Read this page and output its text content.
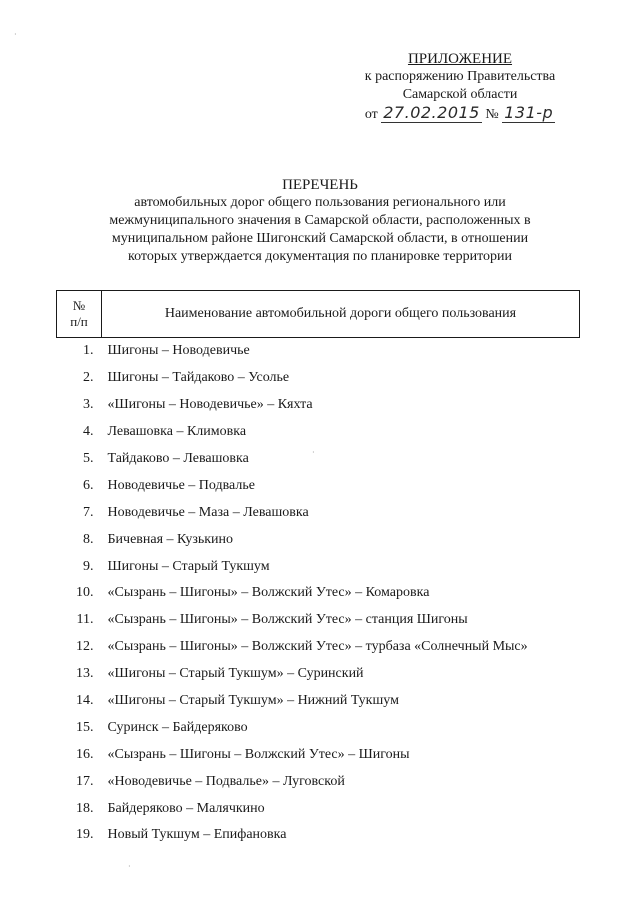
·
·
·
ПРИЛОЖЕНИЕ
к распоряжению Правительства
Самарской области
от 27.02.2015 № 131-р
ПЕРЕЧЕНЬ
автомобильных дорог общего пользования регионального или
межмуниципального значения в Самарской области, расположенных в
муниципальном районе Шигонский Самарской области, в отношении
которых утверждается документация по планировке территории
№
п/п	Наименование автомобильной дороги общего пользования
1.	Шигоны – Новодевичье
2.	Шигоны – Тайдаково – Усолье
3.	«Шигоны – Новодевичье» – Кяхта
4.	Левашовка – Климовка
5.	Тайдаково – Левашовка
6.	Новодевичье – Подвалье
7.	Новодевичье – Маза – Левашовка
8.	Бичевная – Кузькино
9.	Шигоны – Старый Тукшум
10.	«Сызрань – Шигоны» – Волжский Утес» – Комаровка
11.	«Сызрань – Шигоны» – Волжский Утес» – станция Шигоны
12.	«Сызрань – Шигоны» – Волжский Утес» – турбаза «Солнечный Мыс»
13.	«Шигоны – Старый Тукшум» – Суринский
14.	«Шигоны – Старый Тукшум» – Нижний Тукшум
15.	Суринск – Байдеряково
16.	«Сызрань – Шигоны – Волжский Утес» – Шигоны
17.	«Новодевичье – Подвалье» – Луговской
18.	Байдеряково – Малячкино
19.	Новый Тукшум – Епифановка
